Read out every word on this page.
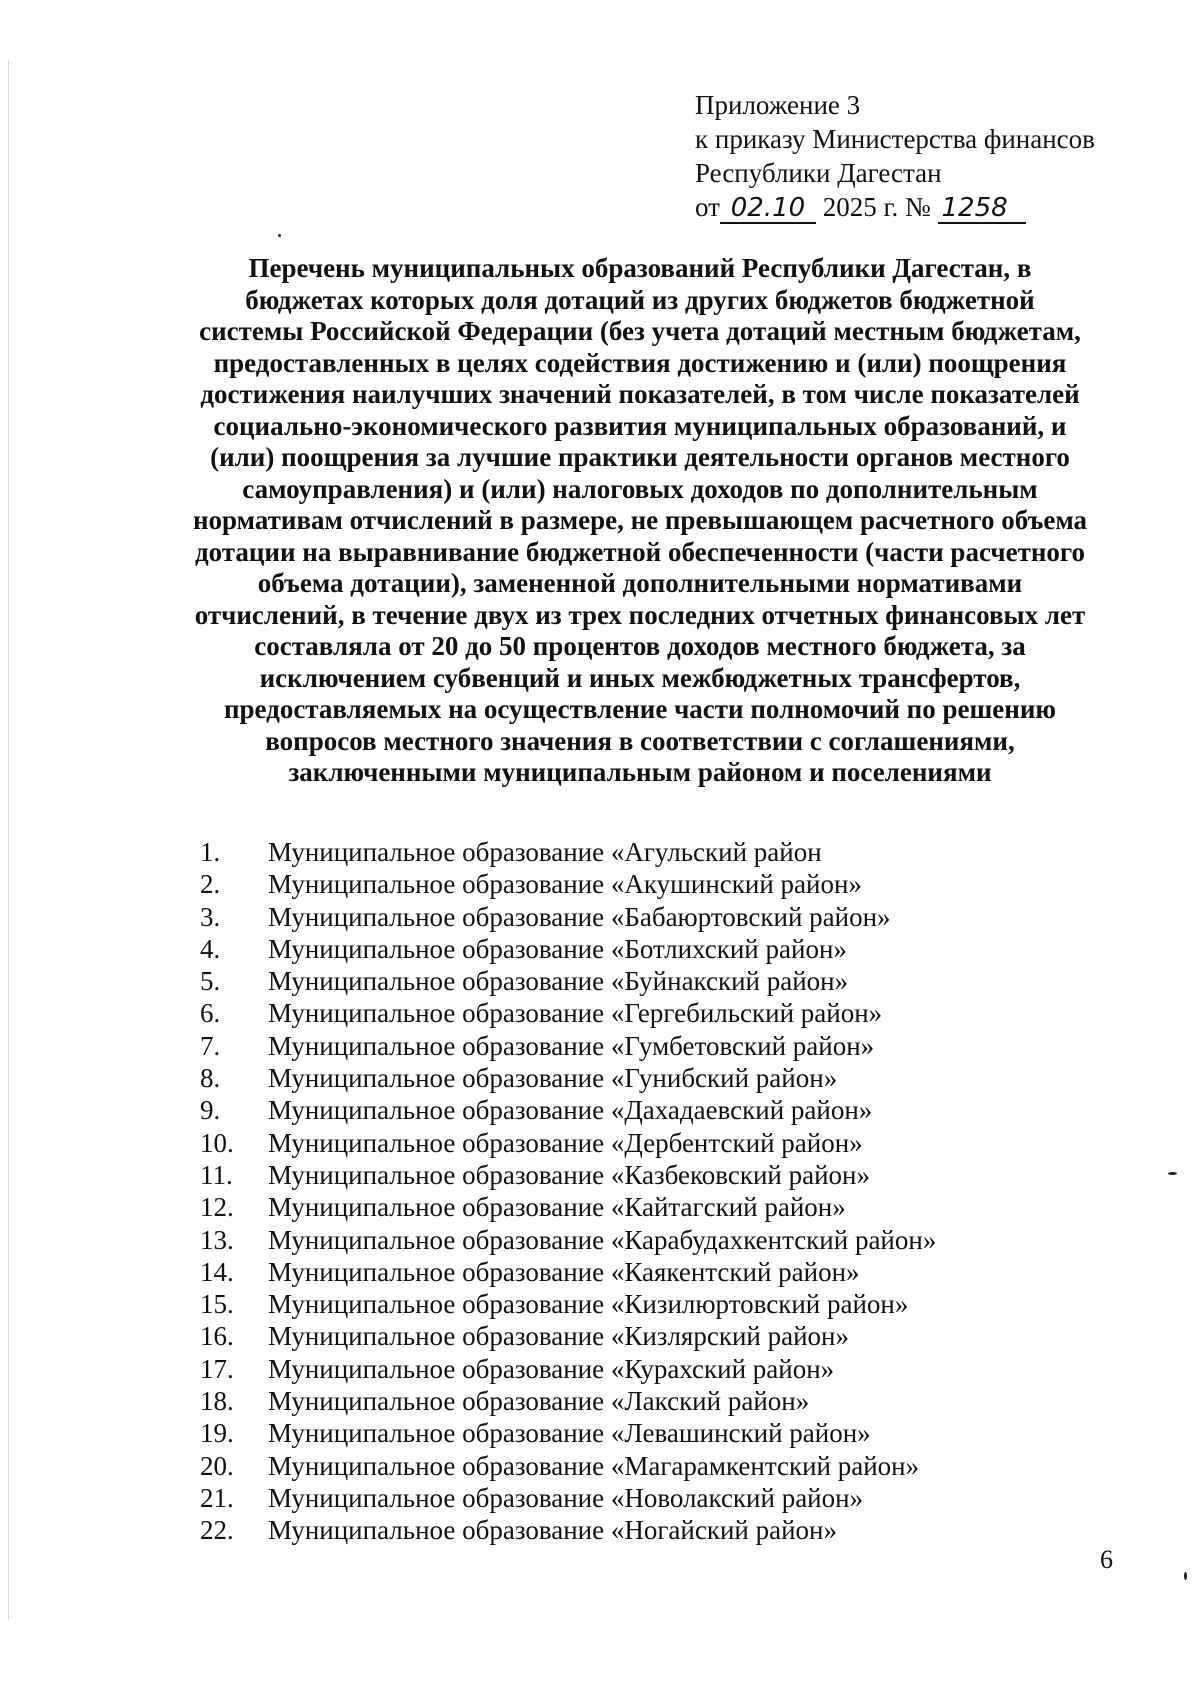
Приложение 3
к приказу Министерства финансов
Республики Дагестан
от 02.10 2025 г. № 1258
Перечень муниципальных образований Республики Дагестан, в
бюджетах которых доля дотаций из других бюджетов бюджетной
системы Российской Федерации (без учета дотаций местным бюджетам,
предоставленных в целях содействия достижению и (или) поощрения
достижения наилучших значений показателей, в том числе показателей
социально-экономического развития муниципальных образований, и
(или) поощрения за лучшие практики деятельности органов местного
самоуправления) и (или) налоговых доходов по дополнительным
нормативам отчислений в размере, не превышающем расчетного объема
дотации на выравнивание бюджетной обеспеченности (части расчетного
объема дотации), замененной дополнительными нормативами
отчислений, в течение двух из трех последних отчетных финансовых лет
составляла от 20 до 50 процентов доходов местного бюджета, за
исключением субвенций и иных межбюджетных трансфертов,
предоставляемых на осуществление части полномочий по решению
вопросов местного значения в соответствии с соглашениями,
заключенными муниципальным районом и поселениями
1. Муниципальное образование «Агульский район
2. Муниципальное образование «Акушинский район»
3. Муниципальное образование «Бабаюртовский район»
4. Муниципальное образование «Ботлихский район»
5. Муниципальное образование «Буйнакский район»
6. Муниципальное образование «Гергебильский район»
7. Муниципальное образование «Гумбетовский район»
8. Муниципальное образование «Гунибский район»
9. Муниципальное образование «Дахадаевский район»
10. Муниципальное образование «Дербентский район»
11. Муниципальное образование «Казбековский район»
12. Муниципальное образование «Кайтагский район»
13. Муниципальное образование «Карабудахкентский район»
14. Муниципальное образование «Каякентский район»
15. Муниципальное образование «Кизилюртовский район»
16. Муниципальное образование «Кизлярский район»
17. Муниципальное образование «Курахский район»
18. Муниципальное образование «Лакский район»
19. Муниципальное образование «Левашинский район»
20. Муниципальное образование «Магарамкентский район»
21. Муниципальное образование «Новолакский район»
22. Муниципальное образование «Ногайский район»
6
